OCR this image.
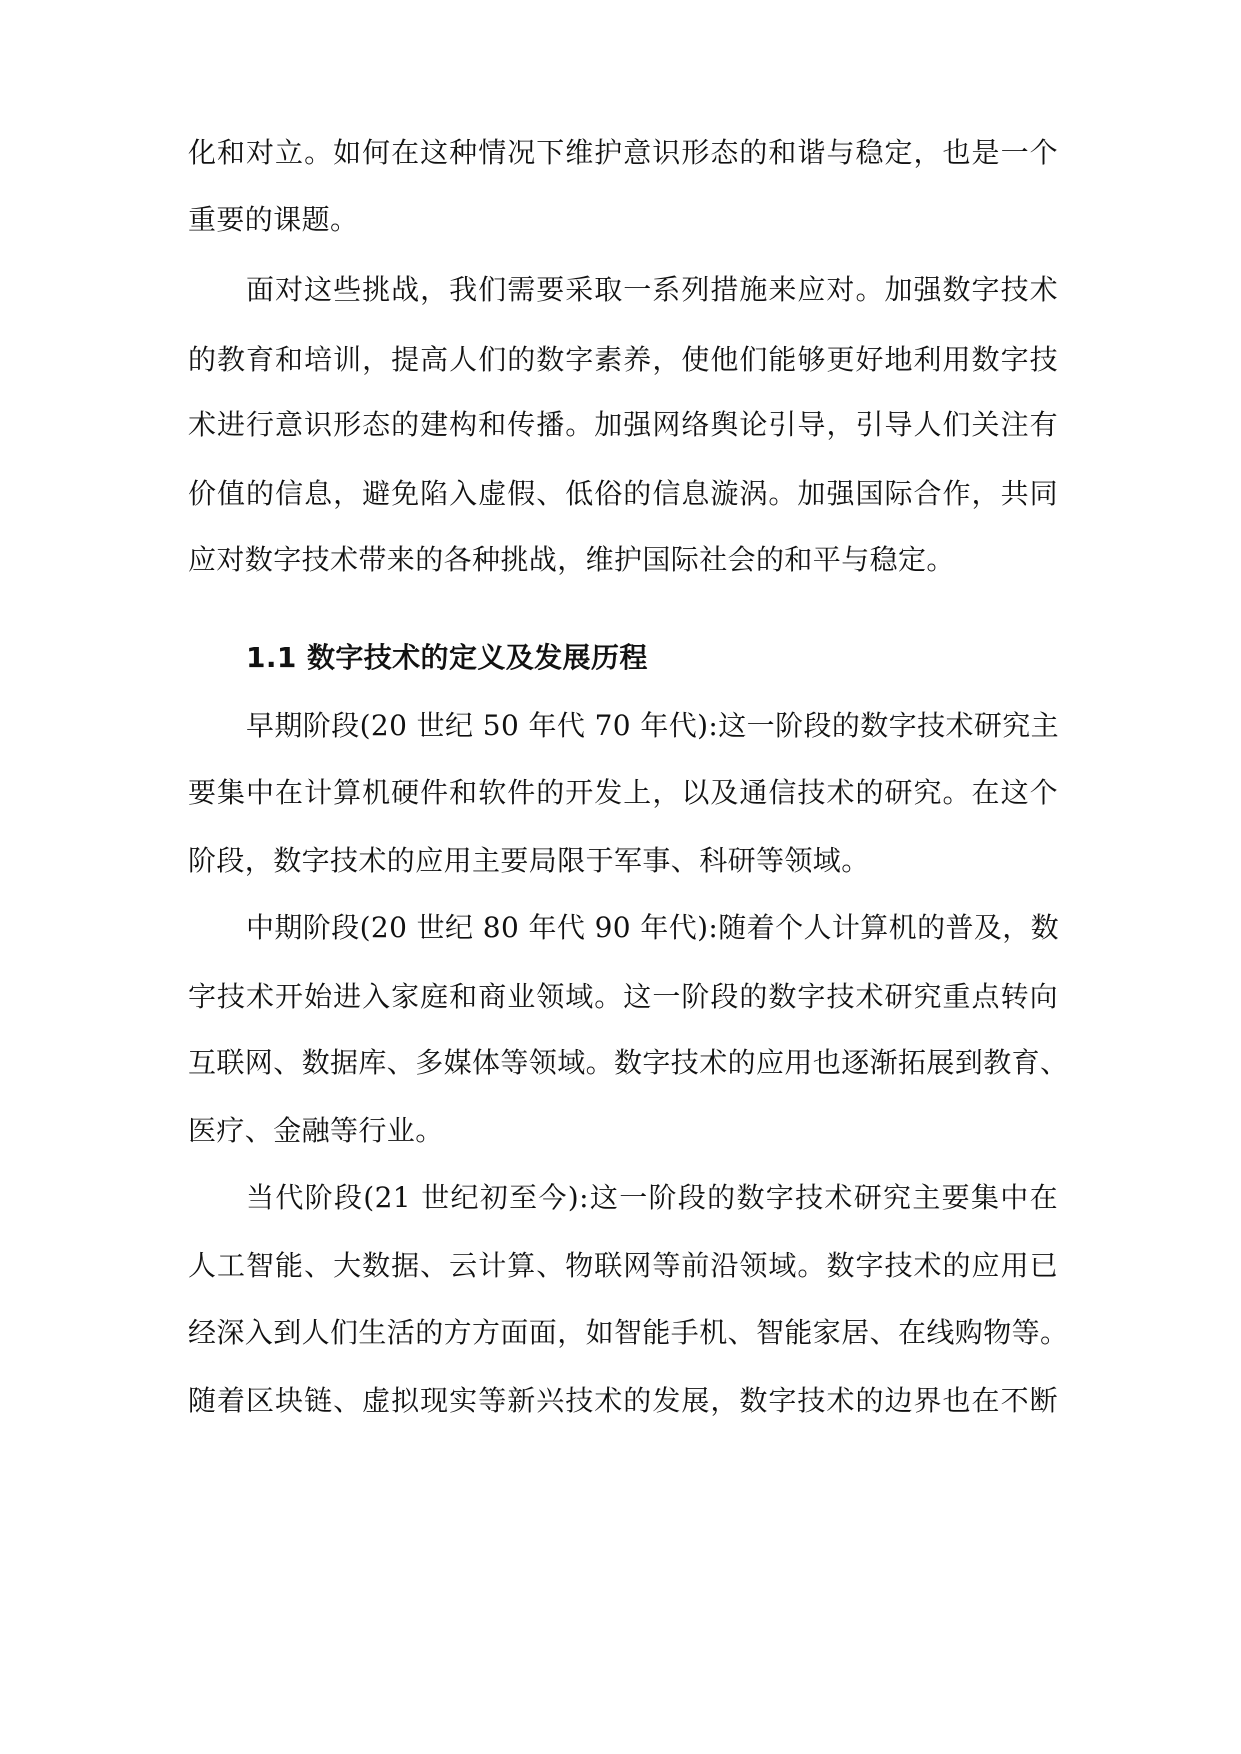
化和对立。如何在这种情况下维护意识形态的和谐与稳定，也是一个
重要的课题。
面对这些挑战，我们需要采取一系列措施来应对。加强数字技术
的教育和培训，提高人们的数字素养，使他们能够更好地利用数字技
术进行意识形态的建构和传播。加强网络舆论引导，引导人们关注有
价值的信息，避免陷入虚假、低俗的信息漩涡。加强国际合作，共同
应对数字技术带来的各种挑战，维护国际社会的和平与稳定。
1.1 数字技术的定义及发展历程
早期阶段(20 世纪 50 年代 70 年代):这一阶段的数字技术研究主
要集中在计算机硬件和软件的开发上，以及通信技术的研究。在这个
阶段，数字技术的应用主要局限于军事、科研等领域。
中期阶段(20 世纪 80 年代 90 年代):随着个人计算机的普及，数
字技术开始进入家庭和商业领域。这一阶段的数字技术研究重点转向
互联网、数据库、多媒体等领域。数字技术的应用也逐渐拓展到教育、
医疗、金融等行业。
当代阶段(21 世纪初至今):这一阶段的数字技术研究主要集中在
人工智能、大数据、云计算、物联网等前沿领域。数字技术的应用已
经深入到人们生活的方方面面，如智能手机、智能家居、在线购物等。
随着区块链、虚拟现实等新兴技术的发展，数字技术的边界也在不断
